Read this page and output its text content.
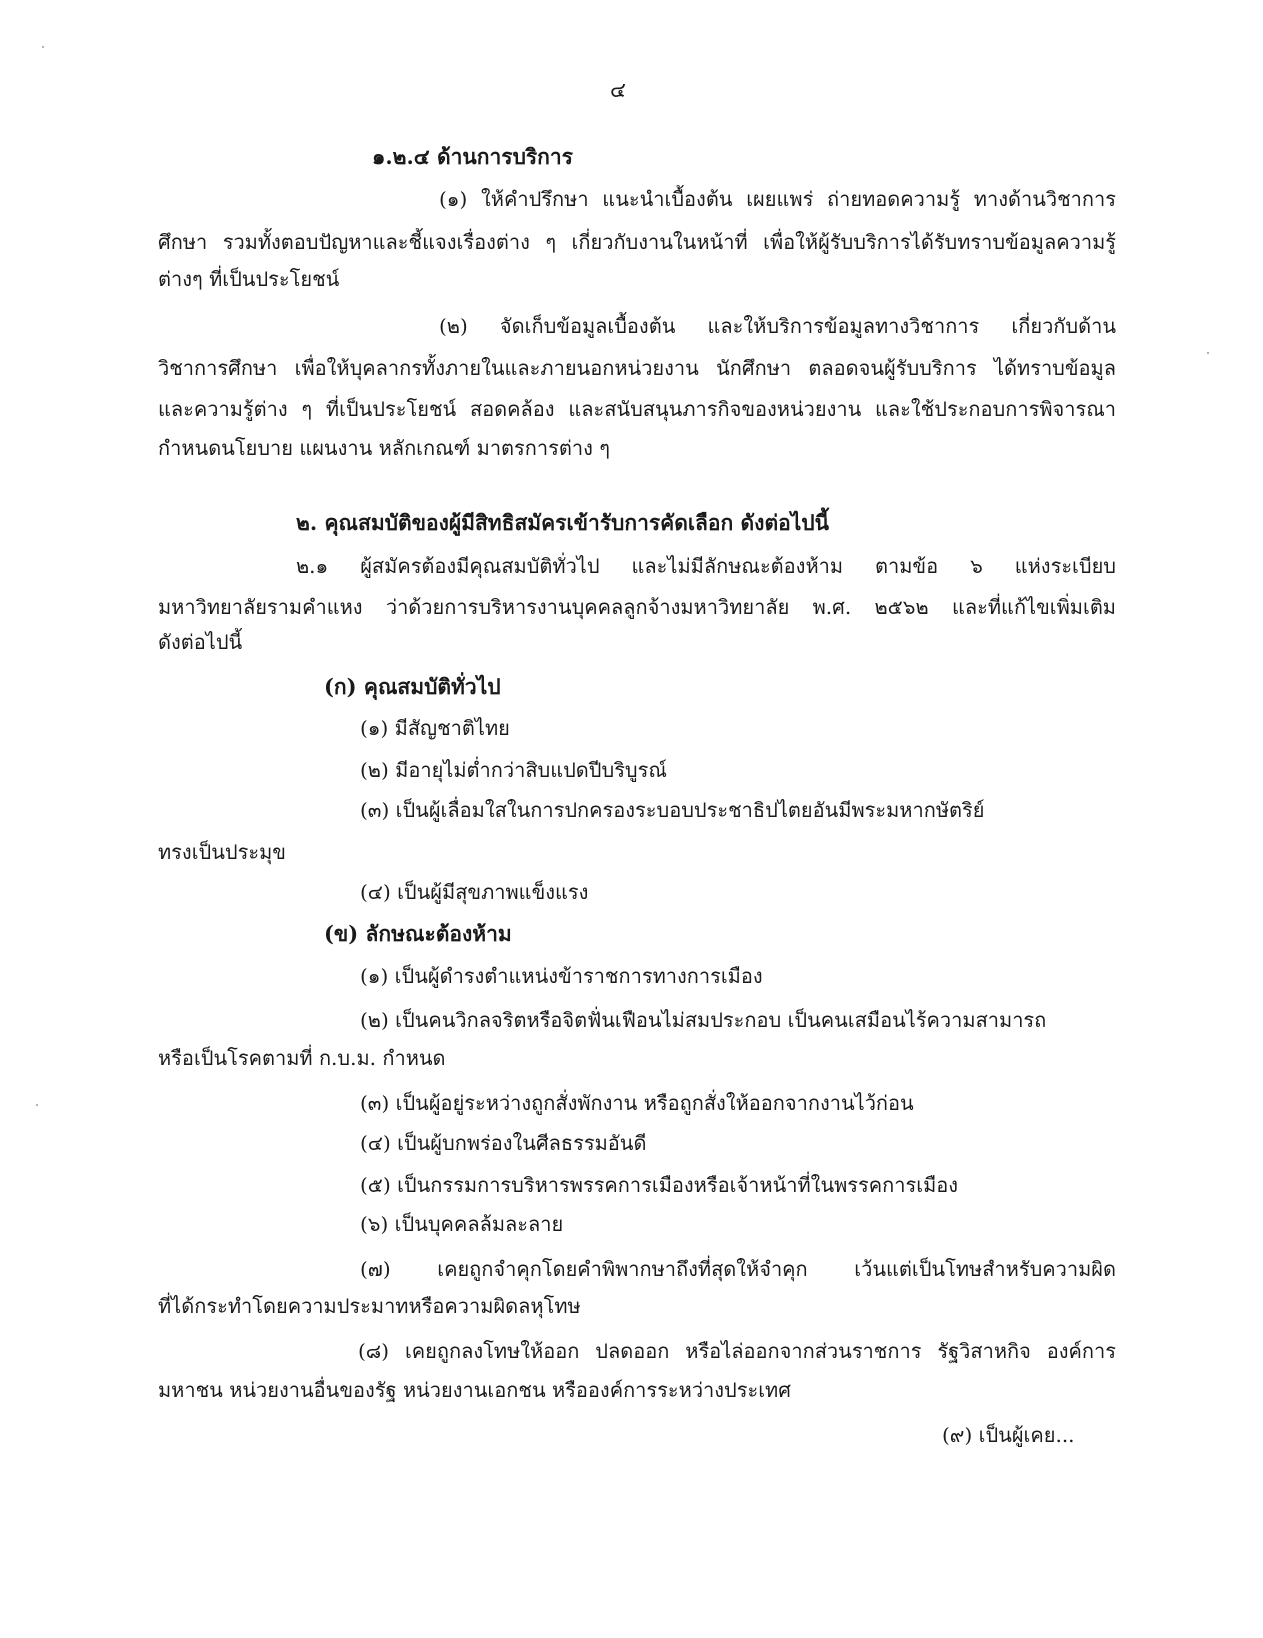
๔
๑.๒.๔ ด้านการบริการ
(๑) ให้คำปรึกษา แนะนำเบื้องต้น เผยแพร่ ถ่ายทอดความรู้ ทางด้านวิชาการ
ศึกษา รวมทั้งตอบปัญหาและชี้แจงเรื่องต่าง ๆ เกี่ยวกับงานในหน้าที่ เพื่อให้ผู้รับบริการได้รับทราบข้อมูลความรู้
ต่างๆ ที่เป็นประโยชน์
(๒) จัดเก็บข้อมูลเบื้องต้น และให้บริการข้อมูลทางวิชาการ เกี่ยวกับด้าน
วิชาการศึกษา เพื่อให้บุคลากรทั้งภายในและภายนอกหน่วยงาน นักศึกษา ตลอดจนผู้รับบริการ ได้ทราบข้อมูล
และความรู้ต่าง ๆ ที่เป็นประโยชน์ สอดคล้อง และสนับสนุนภารกิจของหน่วยงาน และใช้ประกอบการพิจารณา
กำหนดนโยบาย แผนงาน หลักเกณฑ์ มาตรการต่าง ๆ
๒. คุณสมบัติของผู้มีสิทธิสมัครเข้ารับการคัดเลือก ดังต่อไปนี้
๒.๑ ผู้สมัครต้องมีคุณสมบัติทั่วไป และไม่มีลักษณะต้องห้าม ตามข้อ ๖ แห่งระเบียบ
มหาวิทยาลัยรามคำแหง ว่าด้วยการบริหารงานบุคคลลูกจ้างมหาวิทยาลัย พ.ศ. ๒๕๖๒ และที่แก้ไขเพิ่มเติม
ดังต่อไปนี้
(ก) คุณสมบัติทั่วไป
(๑) มีสัญชาติไทย
(๒) มีอายุไม่ต่ำกว่าสิบแปดปีบริบูรณ์
(๓) เป็นผู้เลื่อมใสในการปกครองระบอบประชาธิปไตยอันมีพระมหากษัตริย์
ทรงเป็นประมุข
(๔) เป็นผู้มีสุขภาพแข็งแรง
(ข) ลักษณะต้องห้าม
(๑) เป็นผู้ดำรงตำแหน่งข้าราชการทางการเมือง
(๒) เป็นคนวิกลจริตหรือจิตฟั่นเฟือนไม่สมประกอบ เป็นคนเสมือนไร้ความสามารถ
หรือเป็นโรคตามที่ ก.บ.ม. กำหนด
(๓) เป็นผู้อยู่ระหว่างถูกสั่งพักงาน หรือถูกสั่งให้ออกจากงานไว้ก่อน
(๔) เป็นผู้บกพร่องในศีลธรรมอันดี
(๕) เป็นกรรมการบริหารพรรคการเมืองหรือเจ้าหน้าที่ในพรรคการเมือง
(๖) เป็นบุคคลล้มละลาย
(๗) เคยถูกจำคุกโดยคำพิพากษาถึงที่สุดให้จำคุก เว้นแต่เป็นโทษสำหรับความผิด
ที่ได้กระทำโดยความประมาทหรือความผิดลหุโทษ
(๘) เคยถูกลงโทษให้ออก ปลดออก หรือไล่ออกจากส่วนราชการ รัฐวิสาหกิจ องค์การ
มหาชน หน่วยงานอื่นของรัฐ หน่วยงานเอกชน หรือองค์การระหว่างประเทศ
(๙) เป็นผู้เคย...
